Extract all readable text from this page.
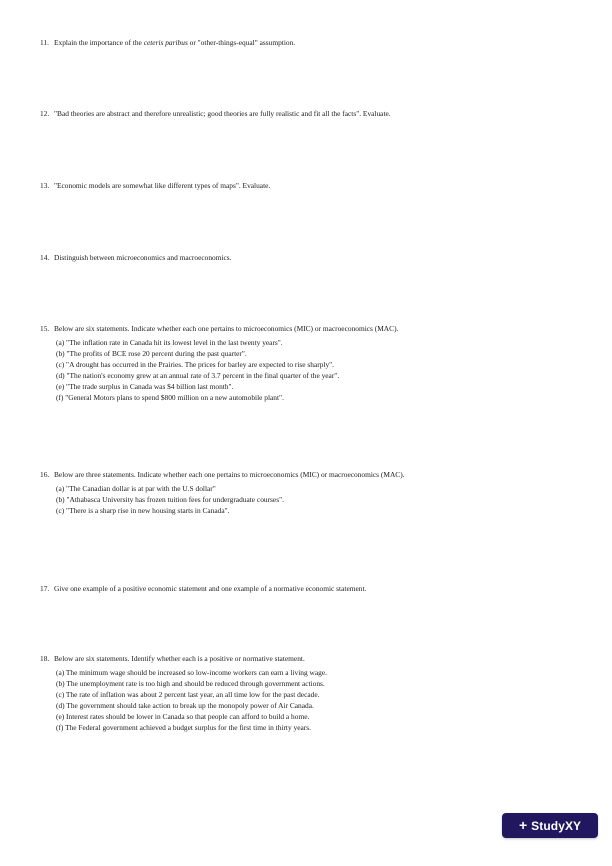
11. Explain the importance of the ceteris paribus or "other-things-equal" assumption.
12. "Bad theories are abstract and therefore unrealistic; good theories are fully realistic and fit all the facts". Evaluate.
13. "Economic models are somewhat like different types of maps". Evaluate.
14. Distinguish between microeconomics and macroeconomics.
15. Below are six statements. Indicate whether each one pertains to microeconomics (MIC) or macroeconomics (MAC).
(a) "The inflation rate in Canada hit its lowest level in the last twenty years".
(b) "The profits of BCE rose 20 percent during the past quarter".
(c) "A drought has occurred in the Prairies. The prices for barley are expected to rise sharply".
(d) "The nation's economy grew at an annual rate of 3.7 percent in the final quarter of the year".
(e) "The trade surplus in Canada was $4 billion last month".
(f) "General Motors plans to spend $800 million on a new automobile plant".
16. Below are three statements. Indicate whether each one pertains to microeconomics (MIC) or macroeconomics (MAC).
(a) "The Canadian dollar is at par with the U.S dollar"
(b) "Athabasca University has frozen tuition fees for undergraduate courses".
(c) "There is a sharp rise in new housing starts in Canada".
17. Give one example of a positive economic statement and one example of a normative economic statement.
18. Below are six statements. Identify whether each is a positive or normative statement.
(a) The minimum wage should be increased so low-income workers can earn a living wage.
(b) The unemployment rate is too high and should be reduced through government actions.
(c) The rate of inflation was about 2 percent last year, an all time low for the past decade.
(d) The government should take action to break up the monopoly power of Air Canada.
(e) Interest rates should be lower in Canada so that people can afford to build a home.
(f) The Federal government achieved a budget surplus for the first time in thirty years.
+ StudyXY
